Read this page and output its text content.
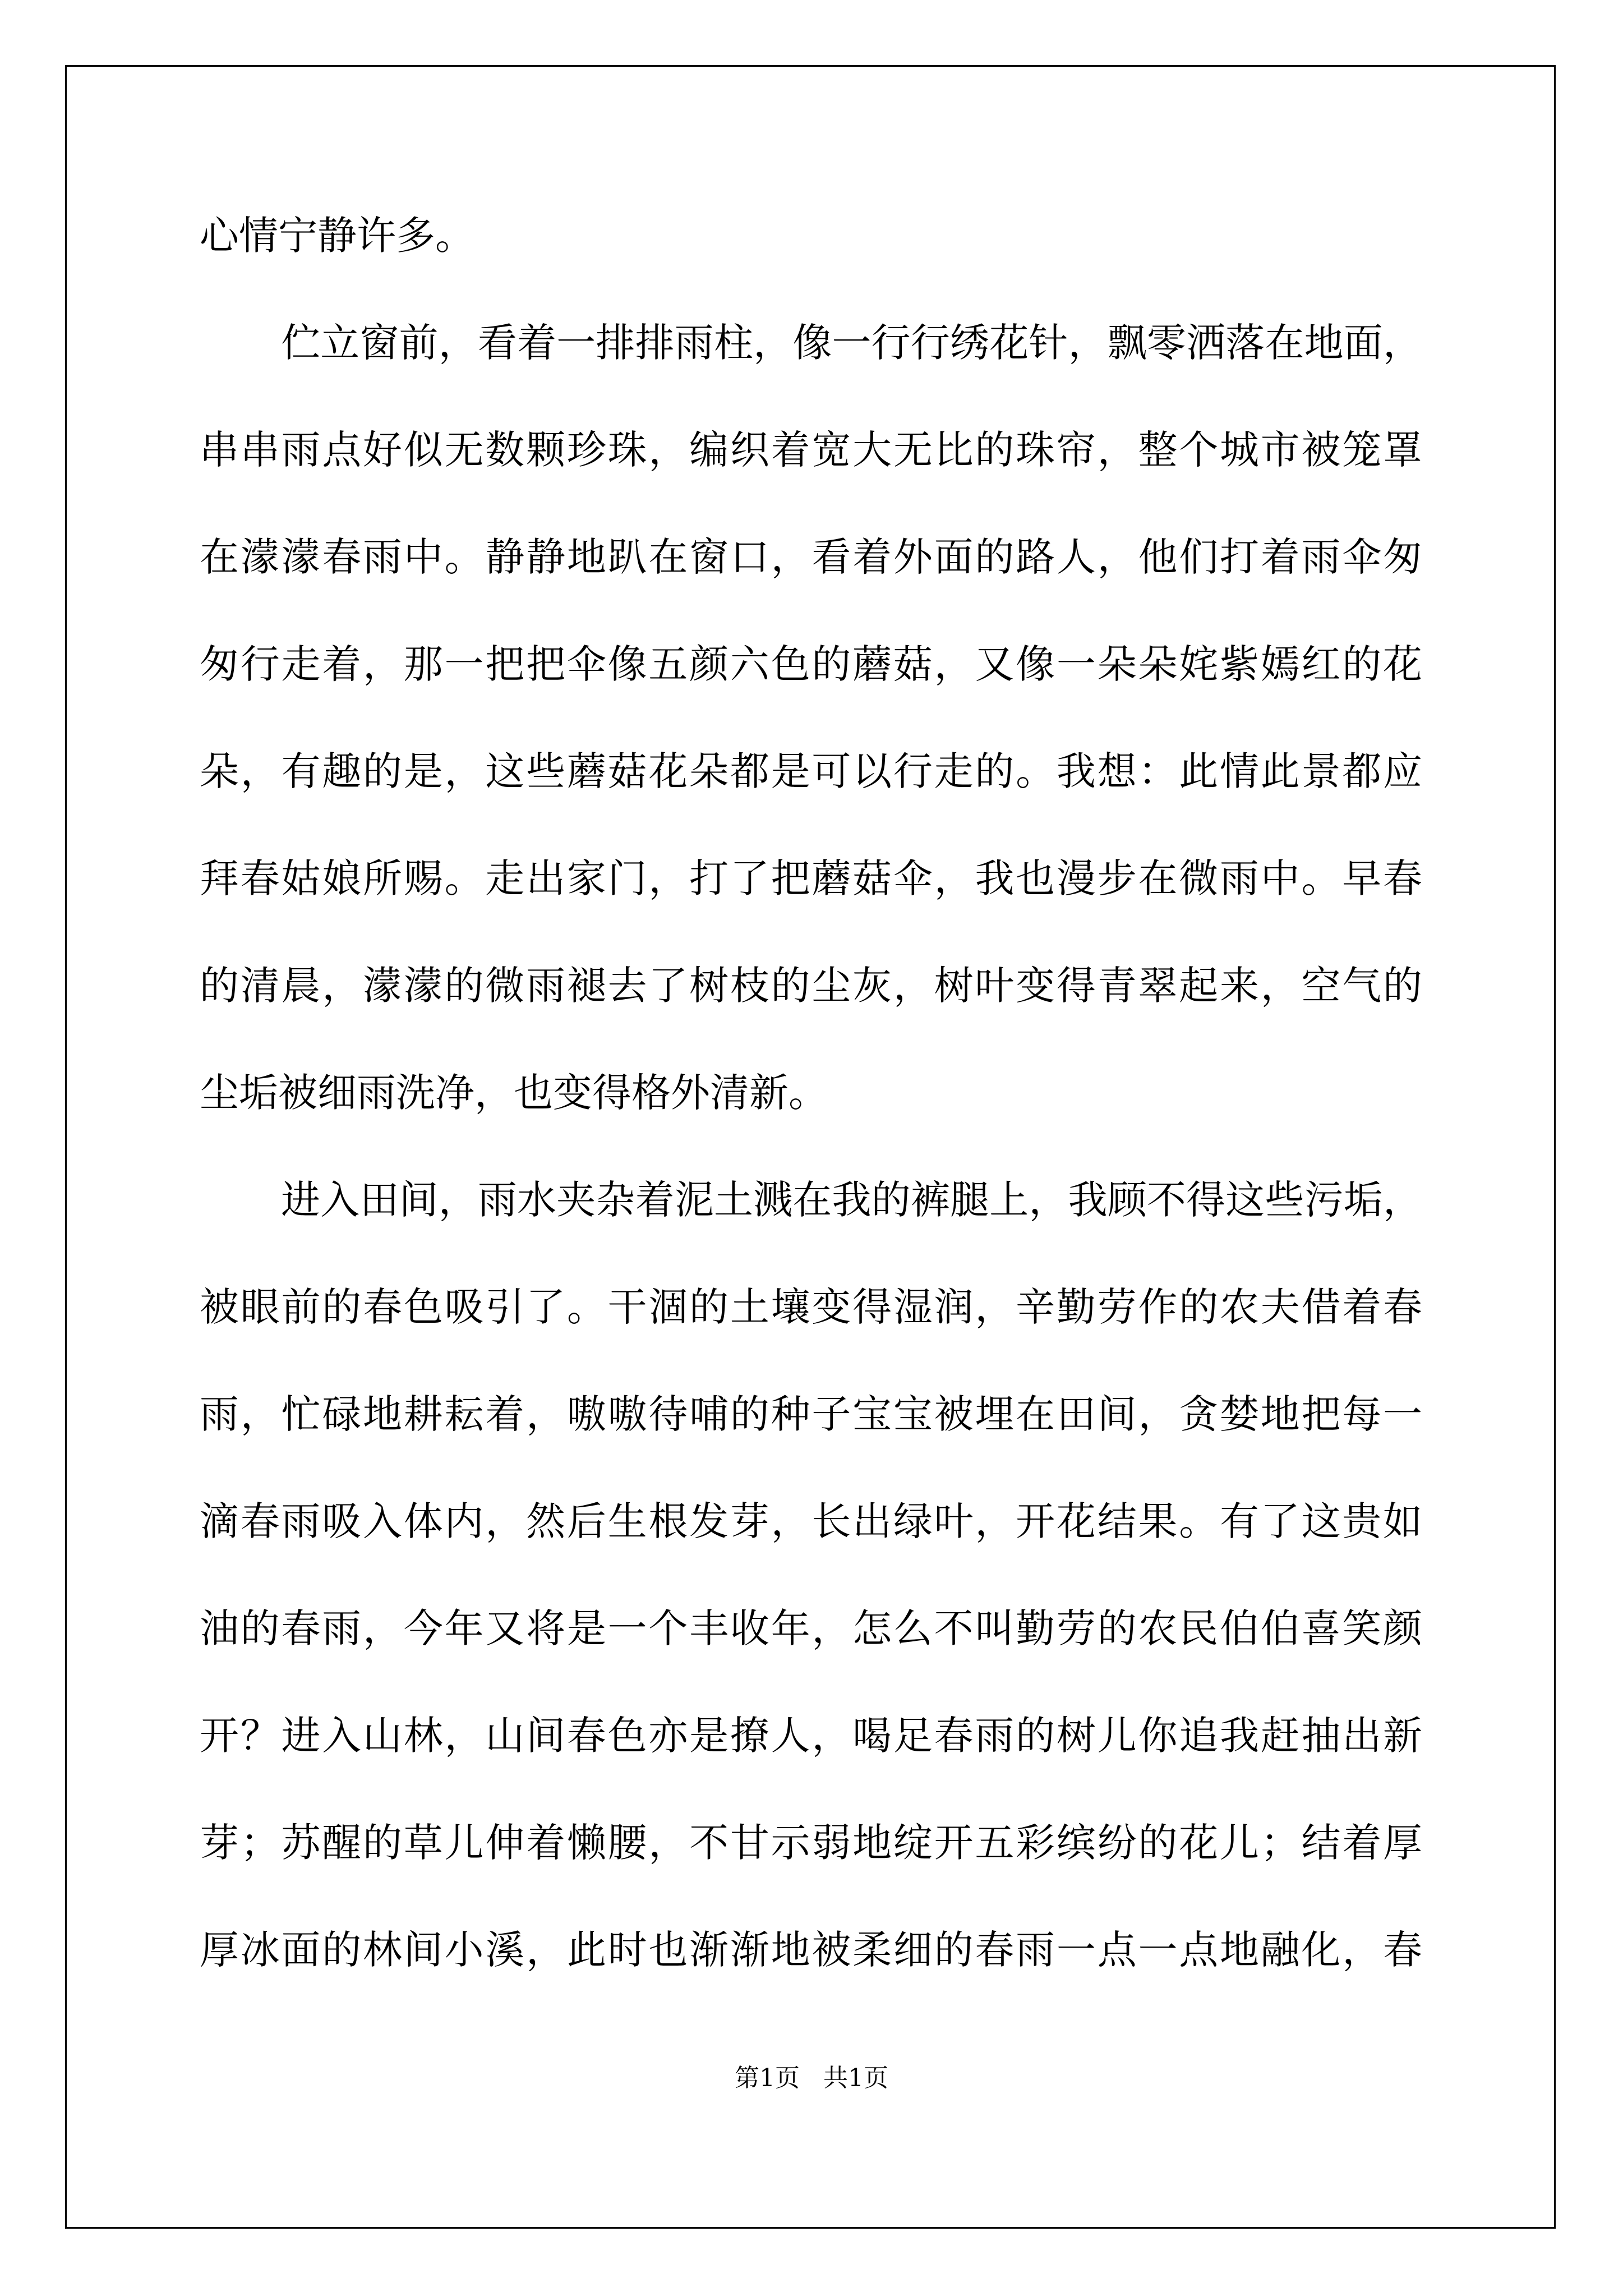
心情宁静许多。
伫立窗前，看着一排排雨柱，像一行行绣花针，飘零洒落在地面，
串串雨点好似无数颗珍珠，编织着宽大无比的珠帘，整个城市被笼罩
在濛濛春雨中。静静地趴在窗口，看着外面的路人，他们打着雨伞匆
匆行走着，那一把把伞像五颜六色的蘑菇，又像一朵朵姹紫嫣红的花
朵，有趣的是，这些蘑菇花朵都是可以行走的。我想：此情此景都应
拜春姑娘所赐。走出家门，打了把蘑菇伞，我也漫步在微雨中。早春
的清晨，濛濛的微雨褪去了树枝的尘灰，树叶变得青翠起来，空气的
尘垢被细雨洗净，也变得格外清新。
进入田间，雨水夹杂着泥土溅在我的裤腿上，我顾不得这些污垢，
被眼前的春色吸引了。干涸的土壤变得湿润，辛勤劳作的农夫借着春
雨，忙碌地耕耘着，嗷嗷待哺的种子宝宝被埋在田间，贪婪地把每一
滴春雨吸入体内，然后生根发芽，长出绿叶，开花结果。有了这贵如
油的春雨，今年又将是一个丰收年，怎么不叫勤劳的农民伯伯喜笑颜
开？进入山林，山间春色亦是撩人，喝足春雨的树儿你追我赶抽出新
芽；苏醒的草儿伸着懒腰，不甘示弱地绽开五彩缤纷的花儿；结着厚
厚冰面的林间小溪，此时也渐渐地被柔细的春雨一点一点地融化，春
第1页   共1页
